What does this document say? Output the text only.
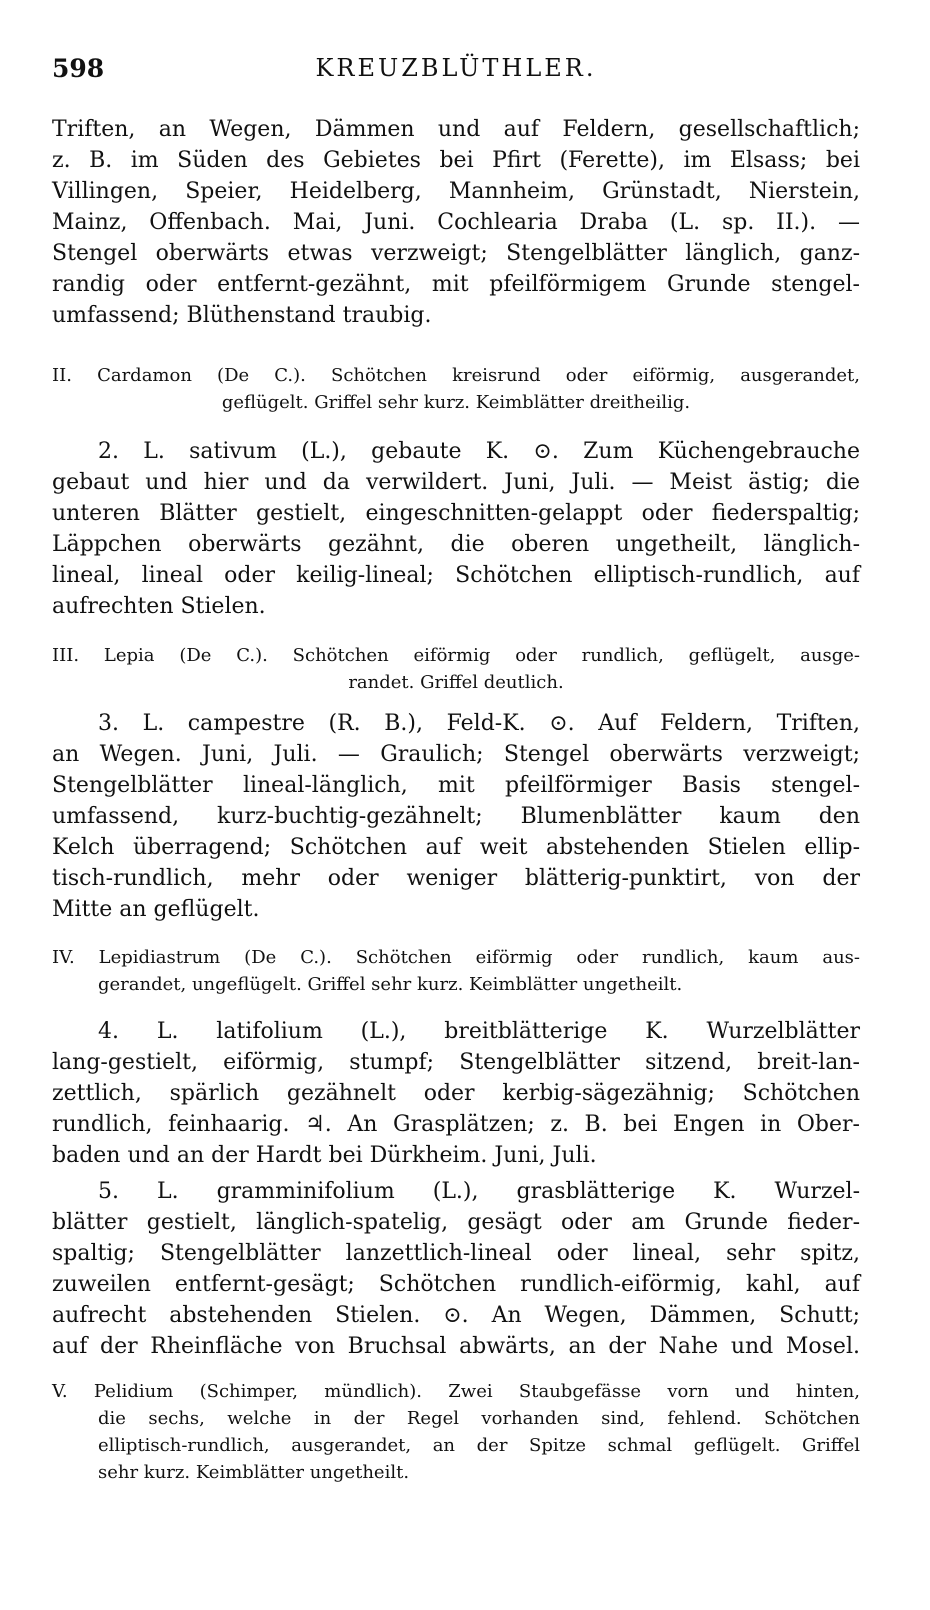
598	KREUZBLÜTHLER.
Triften, an Wegen, Dämmen und auf Feldern, gesellschaftlich;
z. B. im Süden des Gebietes bei Pfirt (Ferette), im Elsass; bei
Villingen, Speier, Heidelberg, Mannheim, Grünstadt, Nierstein,
Mainz, Offenbach. Mai, Juni. Cochlearia Draba (L. sp. II.). —
Stengel oberwärts etwas verzweigt; Stengelblätter länglich, ganz-
randig oder entfernt-gezähnt, mit pfeilförmigem Grunde stengel-
umfassend; Blüthenstand traubig.
II. Cardamon (De C.). Schötchen kreisrund oder eiförmig, ausgerandet,
geflügelt. Griffel sehr kurz. Keimblätter dreitheilig.
2. L. sativum (L.), gebaute K. ⊙. Zum Küchengebrauche
gebaut und hier und da verwildert. Juni, Juli. — Meist ästig; die
unteren Blätter gestielt, eingeschnitten-gelappt oder fiederspaltig;
Läppchen oberwärts gezähnt, die oberen ungetheilt, länglich-
lineal, lineal oder keilig-lineal; Schötchen elliptisch-rundlich, auf
aufrechten Stielen.
III. Lepia (De C.). Schötchen eiförmig oder rundlich, geflügelt, ausge-
randet. Griffel deutlich.
3. L. campestre (R. B.), Feld-K. ⊙. Auf Feldern, Triften,
an Wegen. Juni, Juli. — Graulich; Stengel oberwärts verzweigt;
Stengelblätter lineal-länglich, mit pfeilförmiger Basis stengel-
umfassend, kurz-buchtig-gezähnelt; Blumenblätter kaum den
Kelch überragend; Schötchen auf weit abstehenden Stielen ellip-
tisch-rundlich, mehr oder weniger blätterig-punktirt, von der
Mitte an geflügelt.
IV. Lepidiastrum (De C.). Schötchen eiförmig oder rundlich, kaum aus-
gerandet, ungeflügelt. Griffel sehr kurz. Keimblätter ungetheilt.
4. L. latifolium (L.), breitblätterige K. Wurzelblätter
lang-gestielt, eiförmig, stumpf; Stengelblätter sitzend, breit-lan-
zettlich, spärlich gezähnelt oder kerbig-sägezähnig; Schötchen
rundlich, feinhaarig. ♃. An Grasplätzen; z. B. bei Engen in Ober-
baden und an der Hardt bei Dürkheim. Juni, Juli.
5. L. gramminifolium (L.), grasblätterige K. Wurzel-
blätter gestielt, länglich-spatelig, gesägt oder am Grunde fieder-
spaltig; Stengelblätter lanzettlich-lineal oder lineal, sehr spitz,
zuweilen entfernt-gesägt; Schötchen rundlich-eiförmig, kahl, auf
aufrecht abstehenden Stielen. ⊙. An Wegen, Dämmen, Schutt;
auf der Rheinfläche von Bruchsal abwärts, an der Nahe und Mosel.
V. Pelidium (Schimper, mündlich). Zwei Staubgefässe vorn und hinten,
die sechs, welche in der Regel vorhanden sind, fehlend. Schötchen
elliptisch-rundlich, ausgerandet, an der Spitze schmal geflügelt. Griffel
sehr kurz. Keimblätter ungetheilt.
